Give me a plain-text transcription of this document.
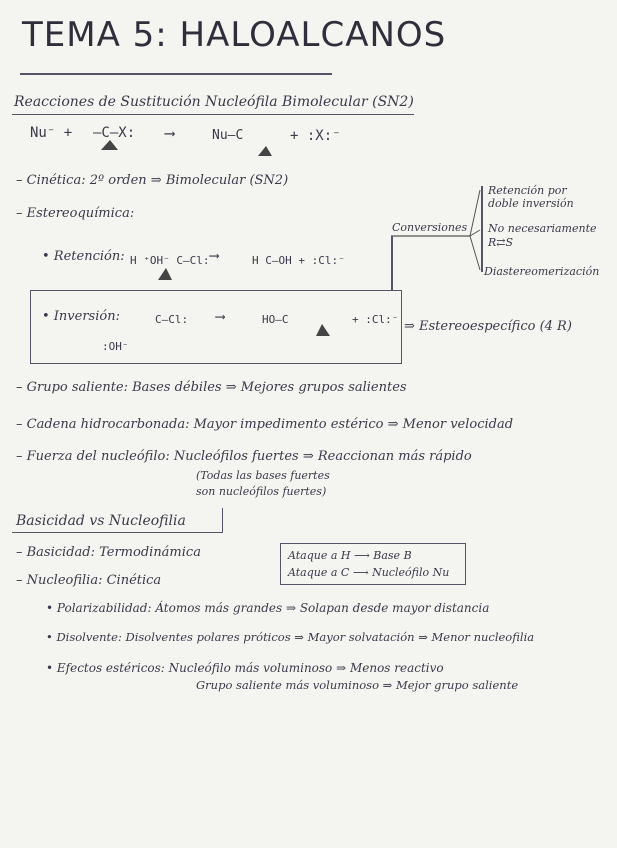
TEMA 5: HALOALCANOS
Reacciones de Sustitución Nucleófila Bimolecular (SN2)
Nu⁻ + —C—X: ⟶	Nu—C	+ :X:⁻
– Cinética: 2º orden ⇒ Bimolecular (SN2)
– Estereoquímica:
• Retención: H ⁺OH⁻ C—Cl: ⟶	H C—OH + :Cl:⁻
• Inversión:	C—Cl:
:OH⁻
⟶	HO—C	+ :Cl:⁻ ⇒ Estereoespecífico (4 R)
Conversiones
Retención por doble inversión
No necesariamente R⇄S
Diastereomerización
– Grupo saliente: Bases débiles ⇒ Mejores grupos salientes
– Cadena hidrocarbonada: Mayor impedimento estérico ⇒ Menor velocidad
– Fuerza del nucleófilo: Nucleófilos fuertes ⇒ Reaccionan más rápido
(Todas las bases fuertes
son nucleófilos fuertes)
Basicidad vs Nucleofilia
– Basicidad: Termodinámica
– Nucleofilia: Cinética
Ataque a H ⟶ Base B
Ataque a C ⟶ Nucleófilo Nu
• Polarizabilidad: Átomos más grandes ⇒ Solapan desde mayor distancia
• Disolvente: Disolventes polares próticos ⇒ Mayor solvatación ⇒ Menor nucleofilia
• Efectos estéricos: Nucleófilo más voluminoso ⇒ Menos reactivo
Grupo saliente más voluminoso ⇒ Mejor grupo saliente
